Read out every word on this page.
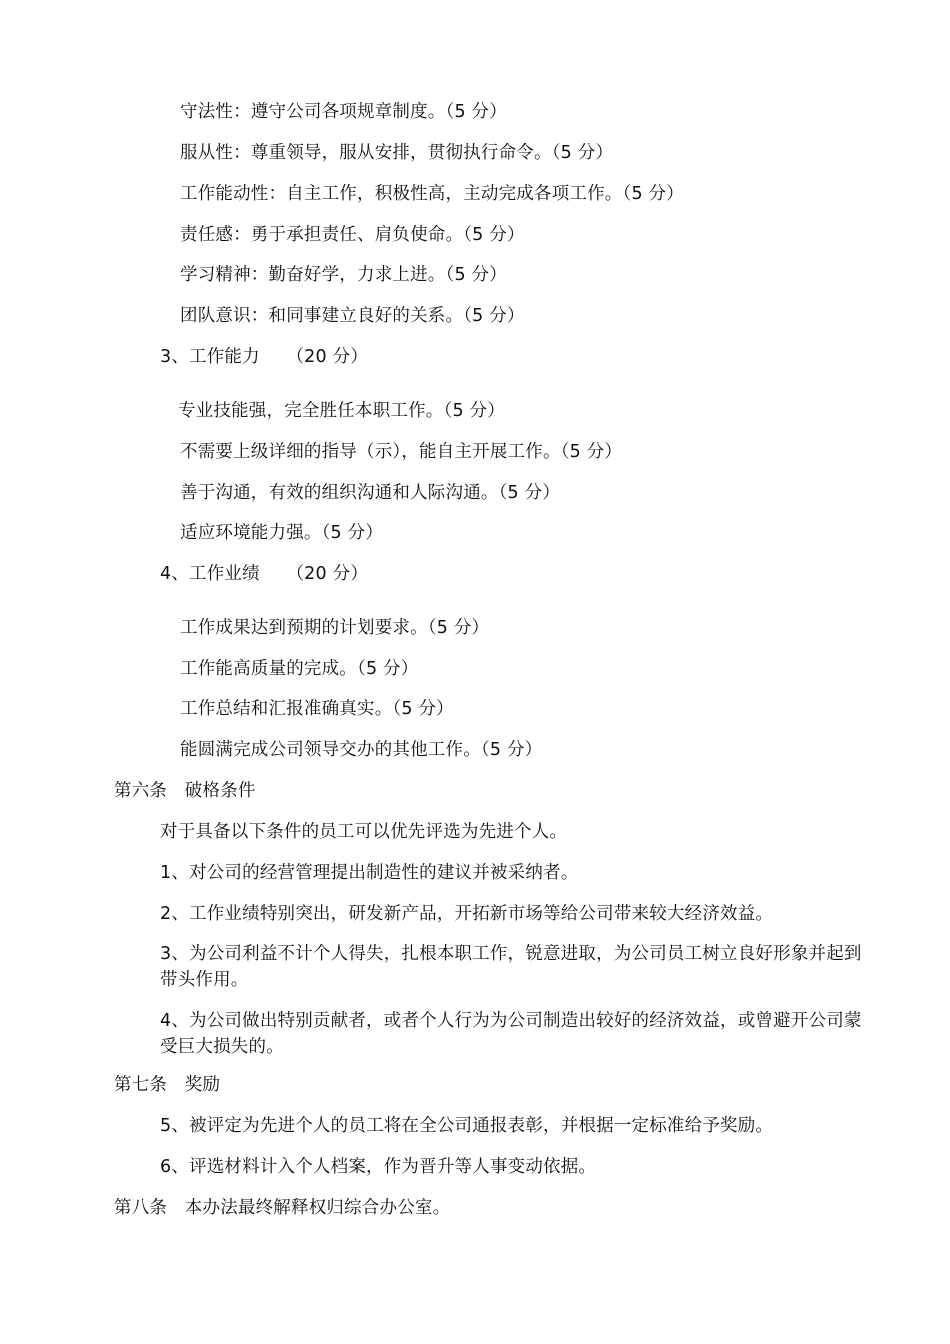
守法性：遵守公司各项规章制度。（5 分）
服从性：尊重领导，服从安排，贯彻执行命令。（5 分）
工作能动性：自主工作，积极性高，主动完成各项工作。（5 分）
责任感：勇于承担责任、肩负使命。（5 分）
学习精神：勤奋好学，力求上进。（5 分）
团队意识：和同事建立良好的关系。（5 分）
3、工作能力　　（20 分）
专业技能强，完全胜任本职工作。（5 分）
不需要上级详细的指导（示），能自主开展工作。（5 分）
善于沟通，有效的组织沟通和人际沟通。（5 分）
适应环境能力强。（5 分）
4、工作业绩　　（20 分）
工作成果达到预期的计划要求。（5 分）
工作能高质量的完成。（5 分）
工作总结和汇报准确真实。（5 分）
能圆满完成公司领导交办的其他工作。（5 分）
第六条　破格条件
对于具备以下条件的员工可以优先评选为先进个人。
1、对公司的经营管理提出制造性的建议并被采纳者。
2、工作业绩特别突出，研发新产品，开拓新市场等给公司带来较大经济效益。
3、为公司利益不计个人得失，扎根本职工作，锐意进取，为公司员工树立良好形象并起到带头作用。
4、为公司做出特别贡献者，或者个人行为为公司制造出较好的经济效益，或曾避开公司蒙受巨大损失的。
第七条　奖励
5、被评定为先进个人的员工将在全公司通报表彰，并根据一定标准给予奖励。
6、评选材料计入个人档案，作为晋升等人事变动依据。
第八条　本办法最终解释权归综合办公室。
